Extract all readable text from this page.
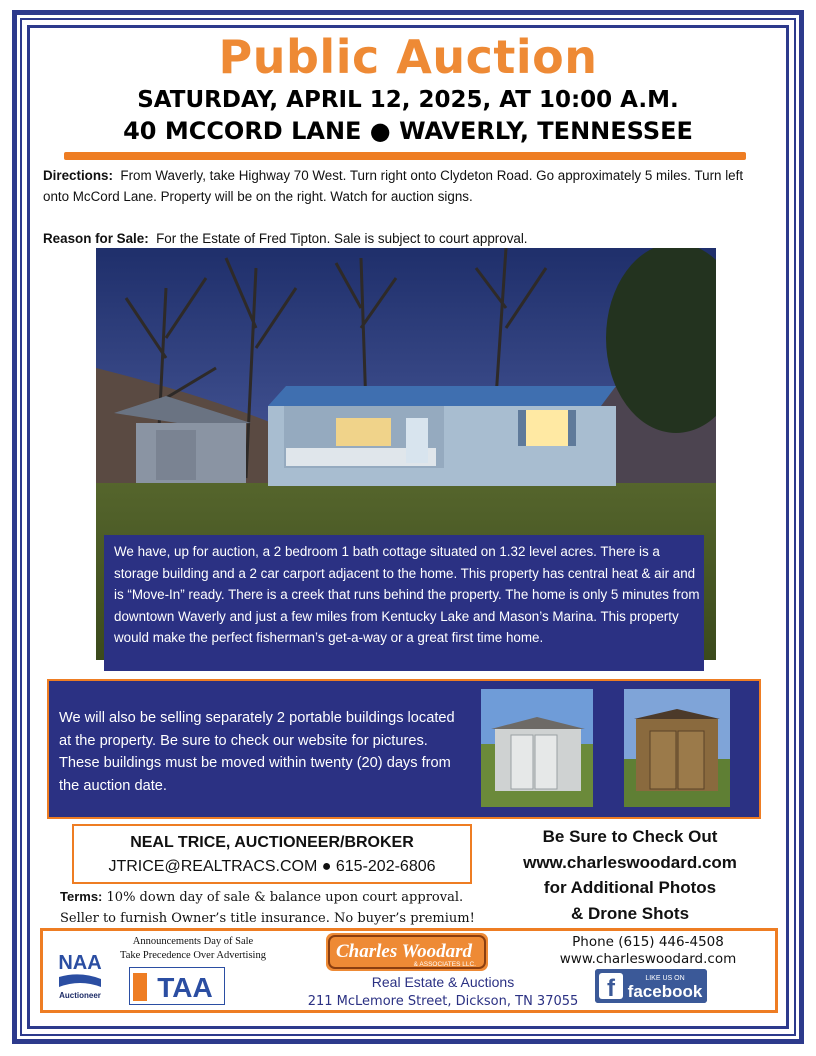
Public Auction
SATURDAY, APRIL 12, 2025, AT 10:00 A.M.
40 MCCORD LANE ● WAVERLY, TENNESSEE
Directions: From Waverly, take Highway 70 West. Turn right onto Clydeton Road. Go approximately 5 miles. Turn left onto McCord Lane. Property will be on the right. Watch for auction signs.
Reason for Sale: For the Estate of Fred Tipton. Sale is subject to court approval.
We have, up for auction, a 2 bedroom 1 bath cottage situated on 1.32 level acres. There is a storage building and a 2 car carport adjacent to the home. This property has central heat & air and is “Move-In” ready. There is a creek that runs behind the property. The home is only 5 minutes from downtown Waverly and just a few miles from Kentucky Lake and Mason’s Marina. This property would make the perfect fisherman’s get-a-way or a great first time home.
We will also be selling separately 2 portable buildings located at the property. Be sure to check our website for pictures. These buildings must be moved within twenty (20) days from the auction date.
NEAL TRICE, AUCTIONEER/BROKER
JTRICE@REALTRACS.COM ● 615-202-6806
Terms: 10% down day of sale & balance upon court approval.
Seller to furnish Owner’s title insurance. No buyer’s premium!
Be Sure to Check Out
www.charleswoodard.com
for Additional Photos
& Drone Shots
NAA
Auctioneer
Announcements Day of Sale
Take Precedence Over Advertising
TAA
Charles Woodard
& ASSOCIATES LLC.
Real Estate & Auctions
211 McLemore Street, Dickson, TN 37055
Phone (615) 446-4508
www.charleswoodard.com
f	LIKE US ON
facebook
